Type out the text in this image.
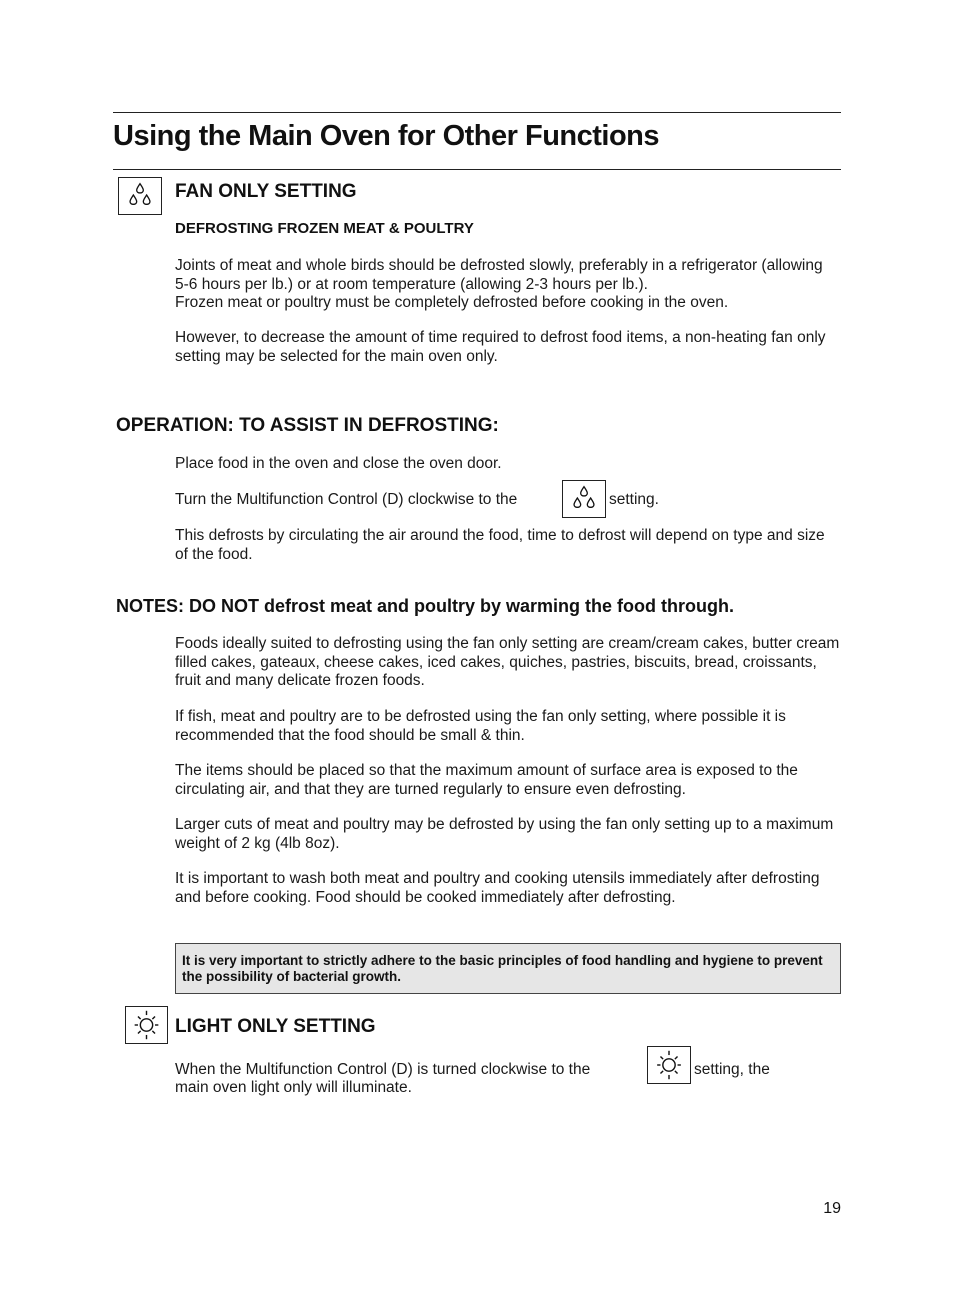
Using the Main Oven for Other Functions
FAN ONLY SETTING
DEFROSTING FROZEN MEAT & POULTRY
Joints of meat and whole birds should be defrosted slowly, preferably in a refrigerator (allowing 5-6 hours per lb.) or at room temperature (allowing 2-3 hours per lb.).
Frozen meat or poultry must be completely defrosted before cooking in the oven.
However, to decrease the amount of time required to defrost food items, a non-heating fan only setting may be selected for the main oven only.
OPERATION: TO ASSIST IN DEFROSTING:
Place food in the oven and close the oven door.
Turn the Multifunction Control (D) clockwise to the	setting.
This defrosts by circulating the air around the food, time to defrost will depend on type and size of the food.
NOTES: DO NOT defrost meat and poultry by warming the food through.
Foods ideally suited to defrosting using the fan only setting are cream/cream cakes, butter cream filled cakes, gateaux, cheese cakes, iced cakes, quiches, pastries, biscuits, bread, croissants, fruit and many delicate frozen foods.
If fish, meat and poultry are to be defrosted using the fan only setting, where possible it is recommended that the food should be small & thin.
The items should be placed so that the maximum amount of surface area is exposed to the circulating air, and that they are turned regularly to ensure even defrosting.
Larger cuts of meat and poultry may be defrosted by using the fan only setting up to a maximum weight of 2 kg (4lb 8oz).
It is important to wash both meat and poultry and cooking utensils immediately after defrosting and before cooking. Food should be cooked immediately after defrosting.
It is very important to strictly adhere to the basic principles of food handling and hygiene to prevent the possibility of bacterial growth.
LIGHT ONLY SETTING
When the Multifunction Control (D) is turned clockwise to the	setting, the
main oven light only will illuminate.
19
